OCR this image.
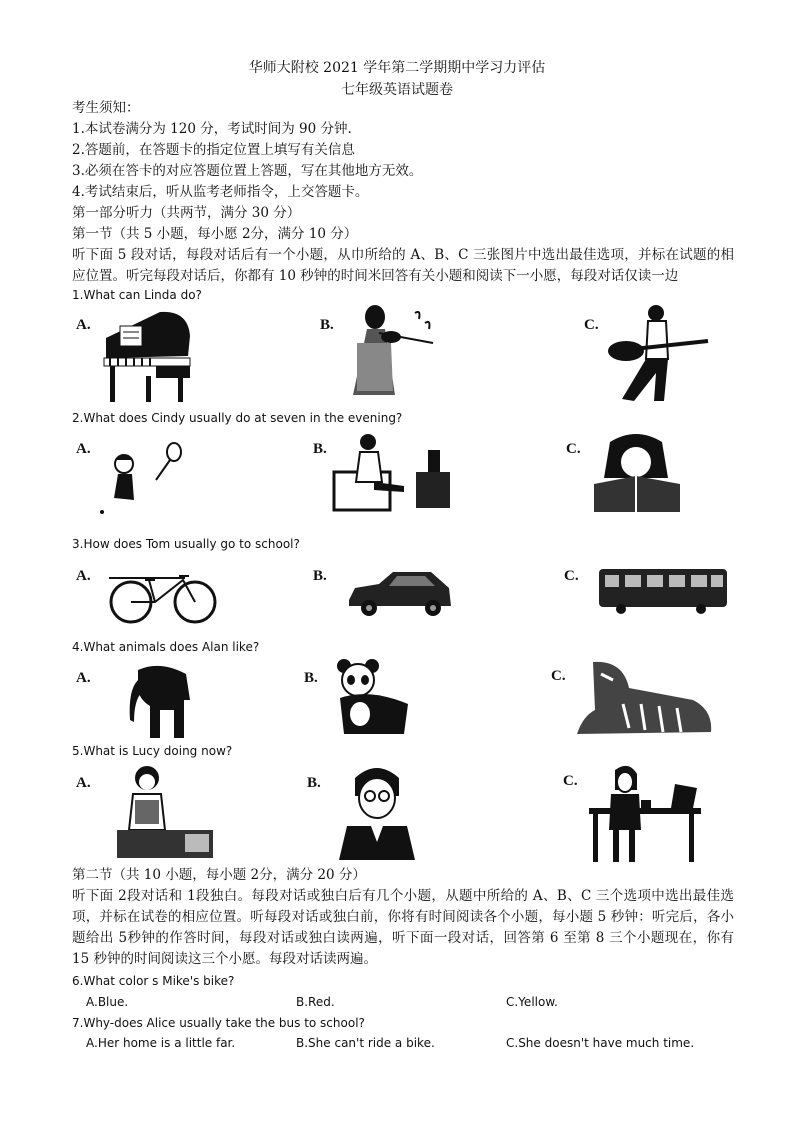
华师大附校 2021 学年第二学期期中学习力评估
七年级英语试题卷
考生须知：
1.本试卷满分为 120 分，考试时间为 90 分钟.
2.答题前，在答题卡的指定位置上填写有关信息
3.必须在答卡的对应答题位置上答题，写在其他地方无效。
4.考试结束后，听从监考老师指令，上交答题卡。
第一部分听力（共两节，满分 30 分）
第一节（共 5 小题，每小愿 2分，满分 10 分）
听下面 5 段对话，每段对话后有一个小题，从巾所给的 A、B、C 三张图片中选出最佳选项，并标在试题的相应位置。听完每段对话后，你都有 10 秒钟的时间米回答有关小题和阅读下一小愿，每段对话仅读一边
1.What can Linda do?
A.	B.	C.
2.What does Cindy usually do at seven in the evening?
A.	B.	C.
3.How does Tom usually go to school?
A.	B.	C.
4.What animals does Alan like?
A.	B.	C.
5.What is Lucy doing now?
A.	B.	C.
第二节（共 10 小题，每小题 2分，满分 20 分）
听下面 2段对话和 1段独白。每段对话或独白后有几个小题，从题中所给的 A、B、C 三个选项中选出最佳选项，并标在试卷的相应位置。听每段对话或独白前，你将有时间阅读各个小题，每小题 5 秒钟：听完后，各小题给出 5秒钟的作答时间，每段对话或独白读两遍，听下面一段对话，回答第 6 至第 8 三个小题现在，你有 15 秒钟的时间阅读这三个小愿。每段对话读两遍。
6.What color s Mike's bike?
A.Blue.	B.Red.	C.Yellow.
7.Why-does Alice usually take the bus to school?
A.Her home is a little far.	B.She can't ride a bike.	C.She doesn't have much time.
